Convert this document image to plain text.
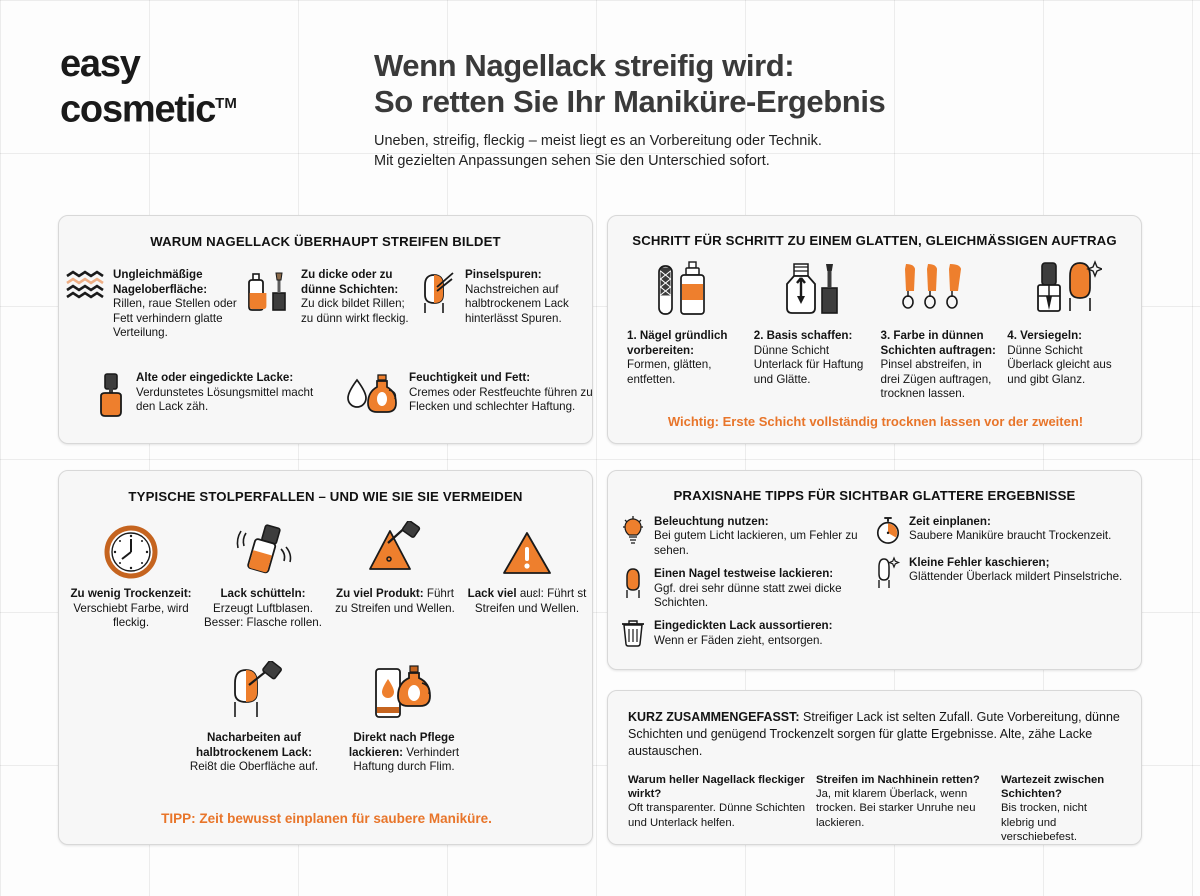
easy
cosmetic™
Wenn Nagellack streifig wird:
So retten Sie Ihr Maniküre-Ergebnis
Uneben, streifig, fleckig – meist liegt es an Vorbereitung oder Technik.
Mit gezielten Anpassungen sehen Sie den Unterschied sofort.
WARUM NAGELLACK ÜBERHAUPT STREIFEN BILDET
Ungleichmäßige Nageloberfläche:
Rillen, raue Stellen oder Fett verhindern glatte Verteilung.
Zu dicke oder zu dünne Schichten:
Zu dick bildet Rillen; zu dünn wirkt fleckig.
Pinselspuren:
Nachstreichen auf halbtrockenem Lack hinterlässt Spuren.
Alte oder eingedickte Lacke:
Verdunstetes Lösungsmittel macht den Lack zäh.
Feuchtigkeit und Fett:
Cremes oder Restfeuchte führen zu Flecken und schlechter Haftung.
SCHRITT FÜR SCHRITT ZU EINEM GLATTEN, GLEICHMÄSSIGEN AUFTRAG
1. Nägel gründlich vorbereiten:
Formen, glätten, entfetten.
2. Basis schaffen:
Dünne Schicht Unterlack für Haftung und Glätte.
3. Farbe in dünnen Schichten auftragen:
Pinsel abstreifen, in drei Zügen auftragen, trocknen lassen.
4. Versiegeln:
Dünne Schicht Überlack gleicht aus und gibt Glanz.
Wichtig: Erste Schicht vollständig trocknen lassen vor der zweiten!
TYPISCHE STOLPERFALLEN – UND WIE SIE SIE VERMEIDEN
Zu wenig Trockenzeit: Verschiebt Farbe, wird fleckig.
Lack schütteln: Erzeugt Luftblasen. Besser: Flasche rollen.
Zu viel Produkt: Führt zu Streifen und Wellen.
Lack viel auɛl: Führt st Streifen und Wellen.
Nacharbeiten auf halbtrockenem Lack: Rei8t die Oberfläche auf.
Direkt nach Pflege lackieren: Verhindert Haftung durch Flim.
TIPP: Zeit bewusst einplanen für saubere Maniküre.
PRAXISNAHE TIPPS FÜR SICHTBAR GLATTERE ERGEBNISSE
Beleuchtung nutzen:
Bei gutem Licht lackieren, um Fehler zu sehen.
Einen Nagel testweise lackieren:
Ggf. drei sehr dünne statt zwei dicke Schichten.
Eingedickten Lack aussortieren:
Wenn er Fäden zieht, entsorgen.
Zeit einplanen:
Saubere Maniküre braucht Trockenzeit.
Kleine Fehler kaschieren;
Glättender Überlack mildert Pinselstriche.
KURZ ZUSAMMENGEFASST: Streifiger Lack ist selten Zufall. Gute Vorbereitung, dünne Schichten und genügend Trockenzelt sorgen für glatte Ergebnisse. Alte, zähe Lacke austauschen.
Warum heller Nagellack fleckiger wirkt?
Oft transparenter. Dünne Schichten und Unterlack helfen.
Streifen im Nachhinein retten?
Ja, mit klarem Überlack, wenn trocken. Bei starker Unruhe neu lackieren.
Wartezeit zwischen Schichten?
Bis trocken, nicht klebrig und verschiebefest.
